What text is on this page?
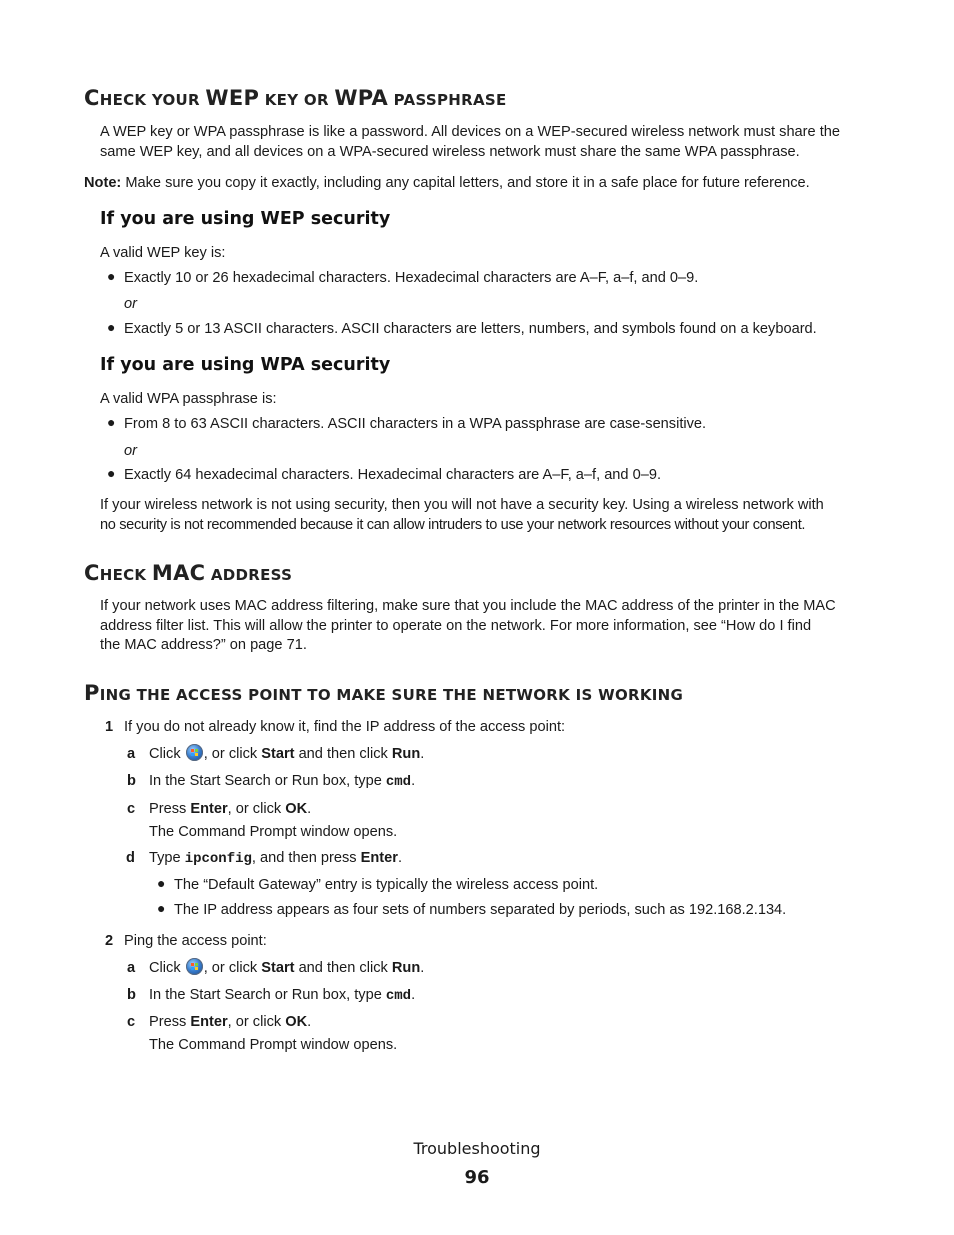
CHECK YOUR WEP KEY OR WPA PASSPHRASE
A WEP key or WPA passphrase is like a password. All devices on a WEP-secured wireless network must share the
same WEP key, and all devices on a WPA-secured wireless network must share the same WPA passphrase.
Note: Make sure you copy it exactly, including any capital letters, and store it in a safe place for future reference.
If you are using WEP security
A valid WEP key is:
● Exactly 10 or 26 hexadecimal characters. Hexadecimal characters are A–F, a–f, and 0–9.
or
● Exactly 5 or 13 ASCII characters. ASCII characters are letters, numbers, and symbols found on a keyboard.
If you are using WPA security
A valid WPA passphrase is:
● From 8 to 63 ASCII characters. ASCII characters in a WPA passphrase are case-sensitive.
or
● Exactly 64 hexadecimal characters. Hexadecimal characters are A–F, a–f, and 0–9.
If your wireless network is not using security, then you will not have a security key. Using a wireless network with
no security is not recommended because it can allow intruders to use your network resources without your consent.
CHECK MAC ADDRESS
If your network uses MAC address filtering, make sure that you include the MAC address of the printer in the MAC
address filter list. This will allow the printer to operate on the network. For more information, see “How do I find
the MAC address?” on page 71.
PING THE ACCESS POINT TO MAKE SURE THE NETWORK IS WORKING
1 If you do not already know it, find the IP address of the access point:
a Click , or click Start and then click Run.
b In the Start Search or Run box, type cmd.
c Press Enter, or click OK.
The Command Prompt window opens.
d Type ipconfig, and then press Enter.
● The “Default Gateway” entry is typically the wireless access point.
● The IP address appears as four sets of numbers separated by periods, such as 192.168.2.134.
2 Ping the access point:
a Click , or click Start and then click Run.
b In the Start Search or Run box, type cmd.
c Press Enter, or click OK.
The Command Prompt window opens.
Troubleshooting
96
